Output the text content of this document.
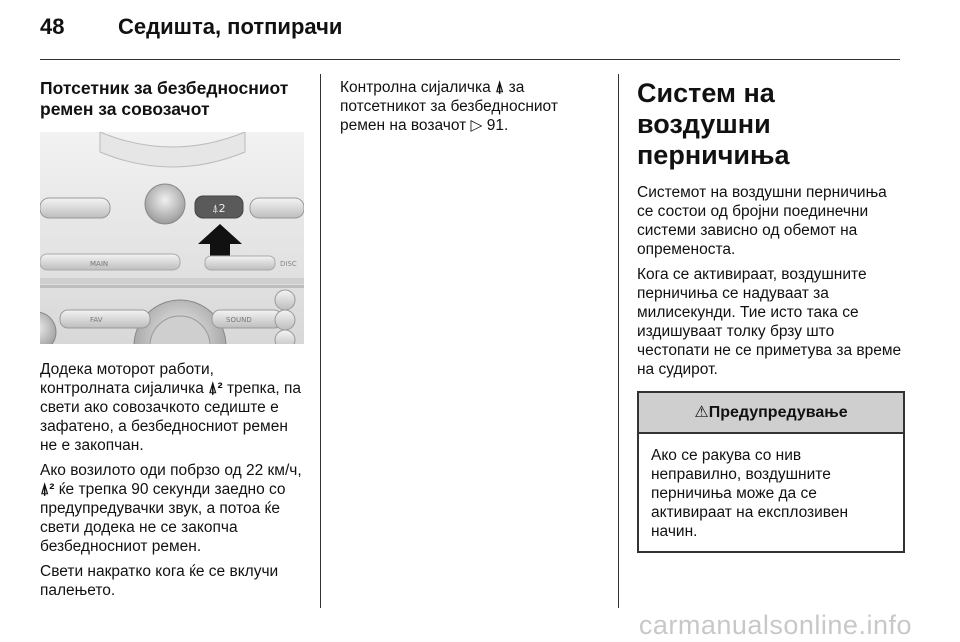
48 Седишта, потпирачи
Потсетник за безбедносниот ремен за совозачот
⍋2
MAIN	DISC
FAV	SOUND

Додека моторот работи, контролната сијаличка ⍋² трепка, па свети ако совозачкото седиште е зафатено, а безбедносниот ремен не е закопчан.

Ако возилото оди побрзо од 22 км/ч, ⍋² ќе трепка 90 секунди заедно со предупредувачки звук, а потоа ќе свети додека не се закопча безбедносниот ремен.

Свети накратко кога ќе се вклучи палењето.

Контролна сијаличка ⍋ за потсетникот за безбедносниот ремен на возачот ▷ 91.

Систем на воздушни перничиња

Системот на воздушни перничиња се состои од бројни поединечни системи зависно од обемот на опременоста.

Кога се активираат, воздушните перничиња се надуваат за милисекунди. Тие исто така се издишуваат толку брзу што честопати не се приметува за време на судирот.

⚠Предупредување
Ако се ракува со нив неправилно, воздушните перничиња може да се активираат на експлозивен начин.
carmanualsonline.info
